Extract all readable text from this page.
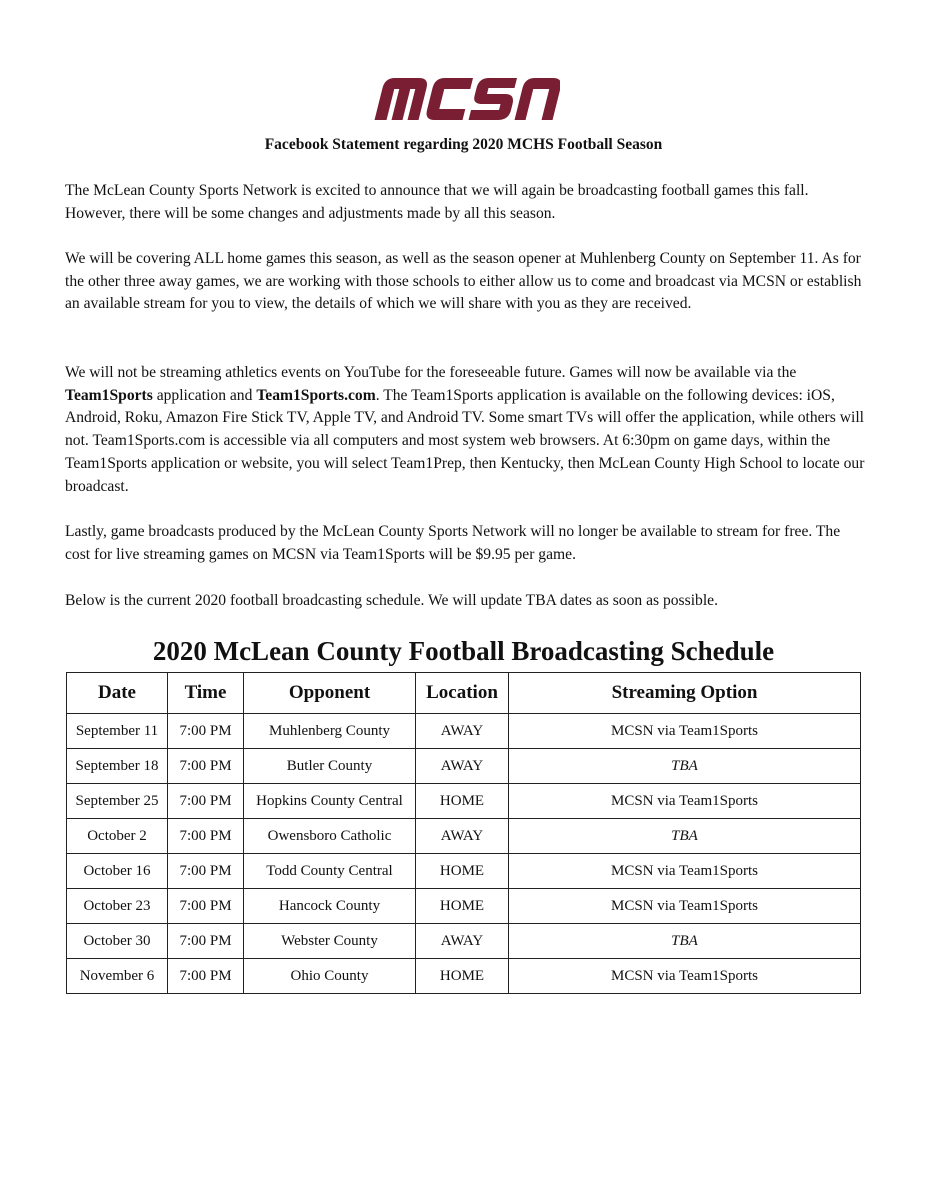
Facebook Statement regarding 2020 MCHS Football Season

The McLean County Sports Network is excited to announce that we will again be broadcasting football games this fall. However, there will be some changes and adjustments made by all this season.

We will be covering ALL home games this season, as well as the season opener at Muhlenberg County on September 11. As for the other three away games, we are working with those schools to either allow us to come and broadcast via MCSN or establish an available stream for you to view, the details of which we will share with you as they are received.

We will not be streaming athletics events on YouTube for the foreseeable future. Games will now be available via the Team1Sports application and Team1Sports.com. The Team1Sports application is available on the following devices: iOS, Android, Roku, Amazon Fire Stick TV, Apple TV, and Android TV. Some smart TVs will offer the application, while others will not. Team1Sports.com is accessible via all computers and most system web browsers. At 6:30pm on game days, within the Team1Sports application or website, you will select Team1Prep, then Kentucky, then McLean County High School to locate our broadcast.

Lastly, game broadcasts produced by the McLean County Sports Network will no longer be available to stream for free. The cost for live streaming games on MCSN via Team1Sports will be $9.95 per game.

Below is the current 2020 football broadcasting schedule. We will update TBA dates as soon as possible.

2020 McLean County Football Broadcasting Schedule
Date	Time	Opponent	Location	Streaming Option
September 11	7:00 PM	Muhlenberg County	AWAY	MCSN via Team1Sports
September 18	7:00 PM	Butler County	AWAY	TBA
September 25	7:00 PM	Hopkins County Central	HOME	MCSN via Team1Sports
October 2	7:00 PM	Owensboro Catholic	AWAY	TBA
October 16	7:00 PM	Todd County Central	HOME	MCSN via Team1Sports
October 23	7:00 PM	Hancock County	HOME	MCSN via Team1Sports
October 30	7:00 PM	Webster County	AWAY	TBA
November 6	7:00 PM	Ohio County	HOME	MCSN via Team1Sports
